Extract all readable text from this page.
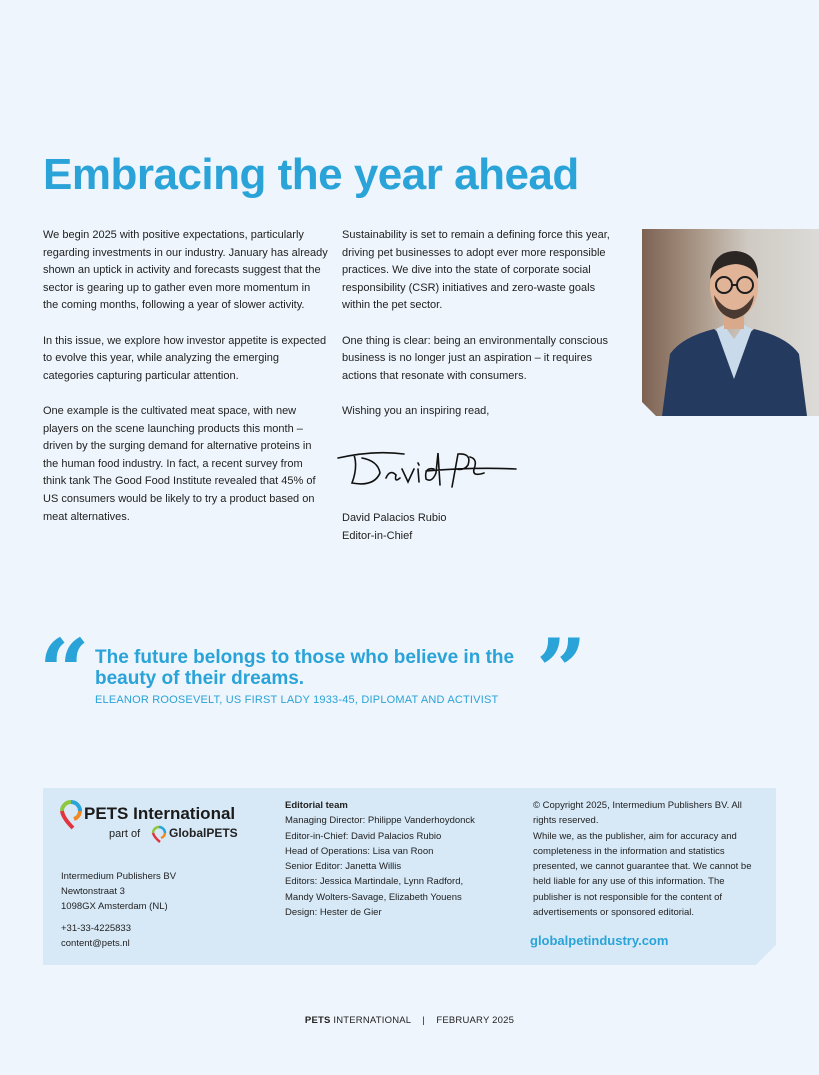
Embracing the year ahead

We begin 2025 with positive expectations, particularly regarding investments in our industry. January has already shown an uptick in activity and forecasts suggest that the sector is gearing up to gather even more momentum in the coming months, following a year of slower activity.

In this issue, we explore how investor appetite is expected to evolve this year, while analyzing the emerging categories capturing particular attention.

One example is the cultivated meat space, with new players on the scene launching products this month – driven by the surging demand for alternative proteins in the human food industry. In fact, a recent survey from think tank The Good Food Institute revealed that 45% of US consumers would be likely to try a product based on meat alternatives.

Sustainability is set to remain a defining force this year, driving pet businesses to adopt ever more responsible practices. We dive into the state of corporate social responsibility (CSR) initiatives and zero-waste goals within the pet sector.

One thing is clear: being an environmentally conscious business is no longer just an aspiration – it requires actions that resonate with consumers.

Wishing you an inspiring read,

David Palacios Rubio
Editor-in-Chief
“ The future belongs to those who believe in the beauty of their dreams.	”
ELEANOR ROOSEVELT, US FIRST LADY 1933-45, DIPLOMAT AND ACTIVIST
PETS International
part of GlobalPETS
Intermedium Publishers BV
Newtonstraat 3
1098GX Amsterdam (NL)
+31-33-4225833
content@pets.nl
Editorial team
Managing Director: Philippe Vanderhoydonck
Editor-in-Chief: David Palacios Rubio
Head of Operations: Lisa van Roon
Senior Editor: Janetta Willis
Editors: Jessica Martindale, Lynn Radford,
Mandy Wolters-Savage, Elizabeth Youens
Design: Hester de Gier
© Copyright 2025, Intermedium Publishers BV. All rights reserved.
While we, as the publisher, aim for accuracy and completeness in the information and statistics presented, we cannot guarantee that. We cannot be held liable for any use of this information. The publisher is not responsible for the content of advertisements or sponsored editorial.
globalpetindustry.com
PETS INTERNATIONAL | FEBRUARY 2025
